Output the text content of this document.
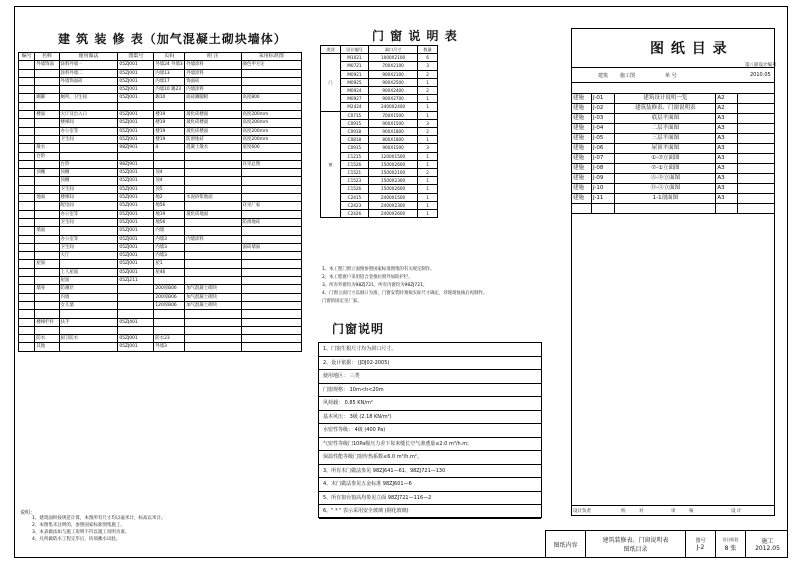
建 筑 装 修 表（加气混凝土砌块墙体）
编号	名称	使用做法	图集号	页码	附 注	采用标准图
	外墙饰面	涂料外墙一	05ZJ001	外墙24 外墙3	外墙涂料	颜色甲方定
		涂料外墙二	05ZJ001	内墙13	外墙涂料	
		外墙饰面砖	05ZJ001	内墙17	饰面砖	
			05ZJ001	内墙10 踢23	内墙涂料	
	踢脚	厕所、卫生间	05ZJ001	踢10	面砖踢脚板	高度800

	楼面	大厅及出入口	05ZJ001	楼19	玻化砖楼面	高度200mm
		楼梯间	05ZJ001	楼19	玻化砖楼面	高度200mm
		办公室等	05ZJ001	楼19	玻化砖楼面	高度200mm
		卫生间	05ZJ001	楼19	防滑地砖	高度200mm
	散水		98ZJ901	4	混凝土散水	宽度600
	台阶					
		台阶	98ZJ901			详见总图
	顶棚	顶棚	05ZJ001	顶4		
		顶棚	05ZJ001	顶4		
		卫生间	05ZJ001	顶5		
	地面	楼梯间	05ZJ001	地2	水泥砂浆地面	
		配电间	05ZJ001	地56		详见厂家
		办公室等	05ZJ001	地19	玻化砖地面	
		卫生间	05ZJ001	地56		防滑地砖
	墙面		05ZJ001	内墙		
		办公室等	05ZJ001	内墙3	内墙涂料	
		卫生间	05ZJ001	内墙3		面砖墙面
		大厅	05ZJ001	内墙3		
	屋面		05ZJ001	屋1		
		上人屋面	05ZJ001	屋46		
		屋面	05ZJ211			
	墙身	防潮层		200厚B06	加气混凝土砌块	
		内墙		200厚B06	加气混凝土砌块	
		女儿墙		120厚B06	加气混凝土砌块	

	楼梯栏杆	扶手	05ZJ401			

	防水	厨卫防水	05ZJ001	防水23		
	其他		05ZJ001	外墙3		
说明：
1、建筑面积按规范计算，本图所有尺寸均以毫米计，标高以米计。
2、本图集未注明的，参照国家标准图集施工。
3、本表做法如与施工说明不符以施工说明为准。
4、凡所做防水工程完毕后，均须蓄水试验。
门 窗 说 明 表
类别	设计编号	洞口尺寸	数量
门	M1021	1000X2100	6
	M0721	700X2100	3
	M0921	900X2100	2
	M0925	900X2500	1
	M0924	900X2400	2
	M0927	900X2700	1
	M2424	2400X2400	1
窗	C0715	700X1500	1
	C0915	900X1500	3
	C0918	900X1800	2
	C0818	800X1800	1
	C0915	900X1500	3
	C1215	1200X1500	1
	C1526	1500X2600	1
	C1521	1500X2100	2
	C1523	1500X2300	1
	C1526	1500X2600	1
	C2415	2400X1500	1
	C2423	2400X2300	1
	C2426	2400X2600	1
1、本工程门窗立面图参照国家标准图集的有关规定制作。
2、本工程窗户采用铝合金推拉窗外加防护栏。
3、所有外窗均为98ZJ721，所有内窗均为98ZJ721。
4、门窗立面尺寸以洞口为准，门窗安装时须按实际尺寸确定，待现场复核后再制作。
门窗的固定见厂家。
门窗说明
1、门窗生根尺寸均为洞口尺寸。
2、设计依据： (JDJ02-2005)
使用地区： 三类
门窗规格： 10m<h<20m
风荷载： 0.85 KN/m²
基本风压： 3级 (2.18 KN/m²)
水密性等级： 4级 (400 Pa)
气密性等级门10Pa级压力差下每米缝长空气渗透量≤2.0 m³/h.m;
保温性能等级门窗传热系数≤6.0 m³/h.m²。
3、所有木门做法参见 98ZJ641—61、98ZJ721—130
4、木门做法参见五金标准 98ZJ601—6
5、所有窗台窗高均参见立面 98ZJ721—116—2
6、" * " 表示采用安全玻璃 (钢化玻璃)
图 纸 目 录
第八册设计编号
2010.05
建筑 施工图	单 号
建施	J-01	建筑设计说明一览	A2	
建施	J-02	建筑装修表、门窗说明表	A2	
建施	J-03	底层平面图	A3	
建施	J-04	二层平面图	A3	
建施	J-05	三层平面图	A3	
建施	J-06	屋顶平面图	A3	
建施	J-07	①-⑦立面图	A3	
建施	J-08	⑦-①立面图	A3	
建施	J-09	Ⓐ-Ⓓ立面图	A3	
建施	J-10	Ⓓ-Ⓐ立面图	A3	
建施	J-11	1-1剖面图	A3	

设计负责	校	对	审	核	设 计
图纸内容
建筑装修表、门窗说明表
图纸目录
图号
J-2
设计阶段
8 张
施工
2012.05
